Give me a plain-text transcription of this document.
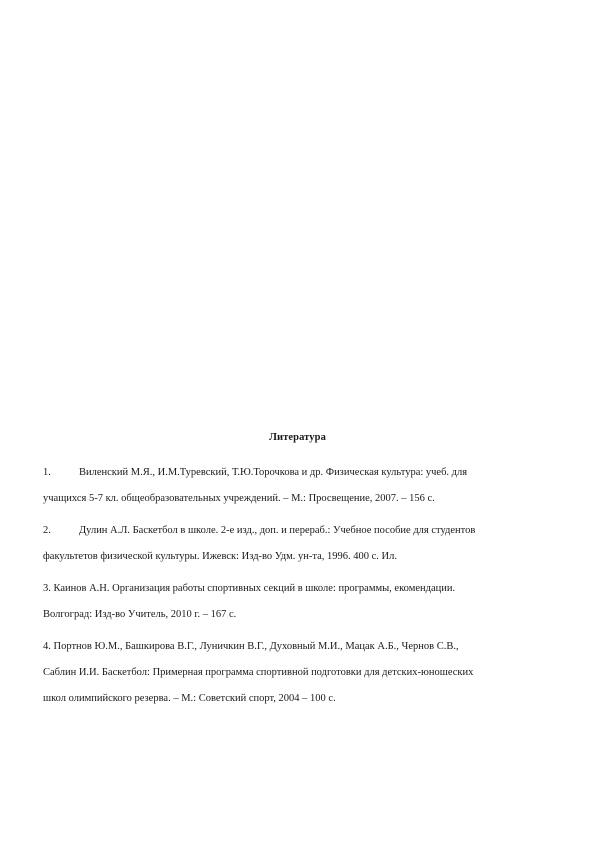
Литература
1.	Виленский М.Я., И.М.Туревский, Т.Ю.Торочкова и др. Физическая культура: учеб. для
учащихся 5-7 кл. общеобразовательных учреждений. – М.: Просвещение, 2007. – 156 с.
2.	Дулин А.Л. Баскетбол в школе. 2-е изд., доп. и перераб.: Учебное пособие для студентов
факультетов физической культуры. Ижевск: Изд-во Удм. ун-та, 1996. 400 с. Ил.
3. Каинов А.Н. Организация работы спортивных секций в школе: программы, екомендации.
Волгоград: Изд-во Учитель, 2010 г. – 167 с.
4. Портнов Ю.М., Башкирова В.Г., Луничкин В.Г., Духовный М.И., Мацак А.Б., Чернов С.В.,
Саблин И.И. Баскетбол: Примерная программа спортивной подготовки для детских-юношеских
школ олимпийского резерва. – М.: Советский спорт, 2004 – 100 с.
